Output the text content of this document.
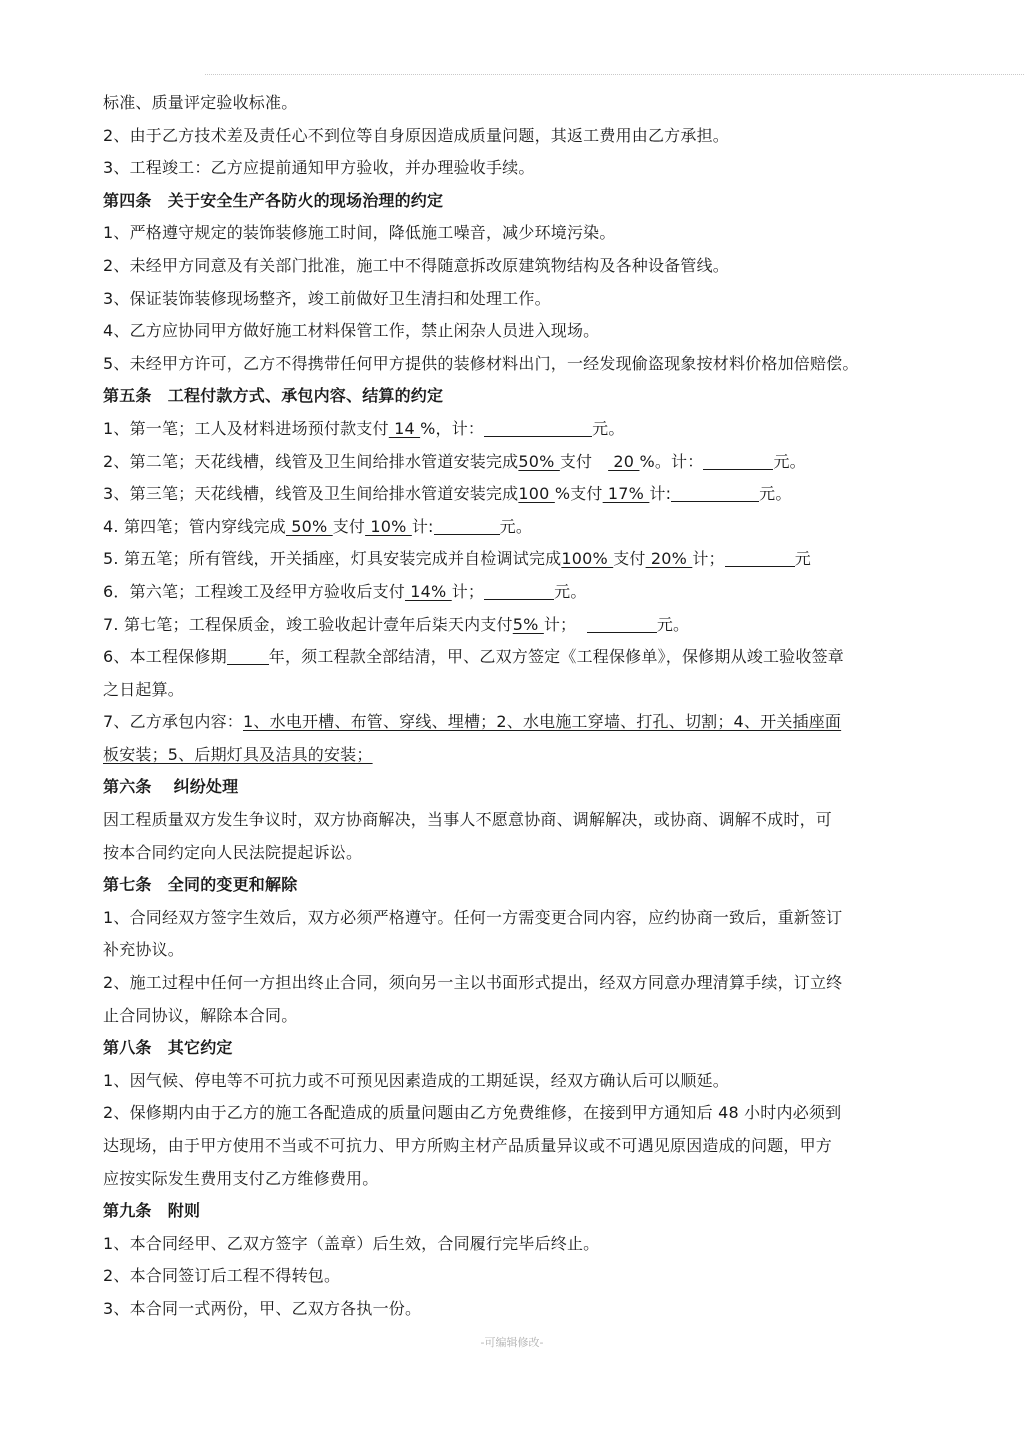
标准、质量评定验收标准。
2、由于乙方技术差及责任心不到位等自身原因造成质量问题，其返工费用由乙方承担。
3、工程竣工：乙方应提前通知甲方验收，并办理验收手续。
第四条　关于安全生产各防火的现场治理的约定
1、严格遵守规定的装饰装修施工时间，降低施工噪音，减少环境污染。
2、未经甲方同意及有关部门批准，施工中不得随意拆改原建筑物结构及各种设备管线。
3、保证装饰装修现场整齐，竣工前做好卫生清扫和处理工作。
4、乙方应协同甲方做好施工材料保管工作，禁止闲杂人员进入现场。
5、未经甲方许可，乙方不得携带任何甲方提供的装修材料出门，一经发现偷盗现象按材料价格加倍赔偿。
第五条　工程付款方式、承包内容、结算的约定
1、第一笔；工人及材料进场预付款支付 14 %，计：	元。
2、第二笔；天花线槽，线管及卫生间给排水管道安装完成50% 支付    20 %。计：	元。
3、第三笔；天花线槽，线管及卫生间给排水管道安装完成100 %支付 17% 计:	元。
4. 第四笔；管内穿线完成 50% 支付 10% 计:	元。
5. 第五笔；所有管线，开关插座，灯具安装完成并自检调试完成100% 支付 20% 计；	元
6．第六笔；工程竣工及经甲方验收后支付 14% 计；	元。
7. 第七笔；工程保质金，竣工验收起计壹年后柒天内支付5% 计；	元。
6、本工程保修期	年，须工程款全部结清，甲、乙双方签定《工程保修单》，保修期从竣工验收签章
之日起算。
7、乙方承包内容：1、水电开槽、布管、穿线、埋槽；2、水电施工穿墙、打孔、切割；4、开关插座面
板安装；5、后期灯具及洁具的安装；
第六条　 纠纷处理
因工程质量双方发生争议时，双方协商解决，当事人不愿意协商、调解解决，或协商、调解不成时，可
按本合同约定向人民法院提起诉讼。
第七条　全同的变更和解除
1、合同经双方签字生效后，双方必须严格遵守。任何一方需变更合同内容，应约协商一致后，重新签订
补充协议。
2、施工过程中任何一方担出终止合同，须向另一主以书面形式提出，经双方同意办理清算手续，订立终
止合同协议，解除本合同。
第八条　其它约定
1、因气候、停电等不可抗力或不可预见因素造成的工期延误，经双方确认后可以顺延。
2、保修期内由于乙方的施工各配造成的质量问题由乙方免费维修，在接到甲方通知后 48 小时内必须到
达现场，由于甲方使用不当或不可抗力、甲方所购主材产品质量异议或不可遇见原因造成的问题，甲方
应按实际发生费用支付乙方维修费用。
第九条　附则
1、本合同经甲、乙双方签字（盖章）后生效，合同履行完毕后终止。
2、本合同签订后工程不得转包。
3、本合同一式两份，甲、乙双方各执一份。
-可编辑修改-
